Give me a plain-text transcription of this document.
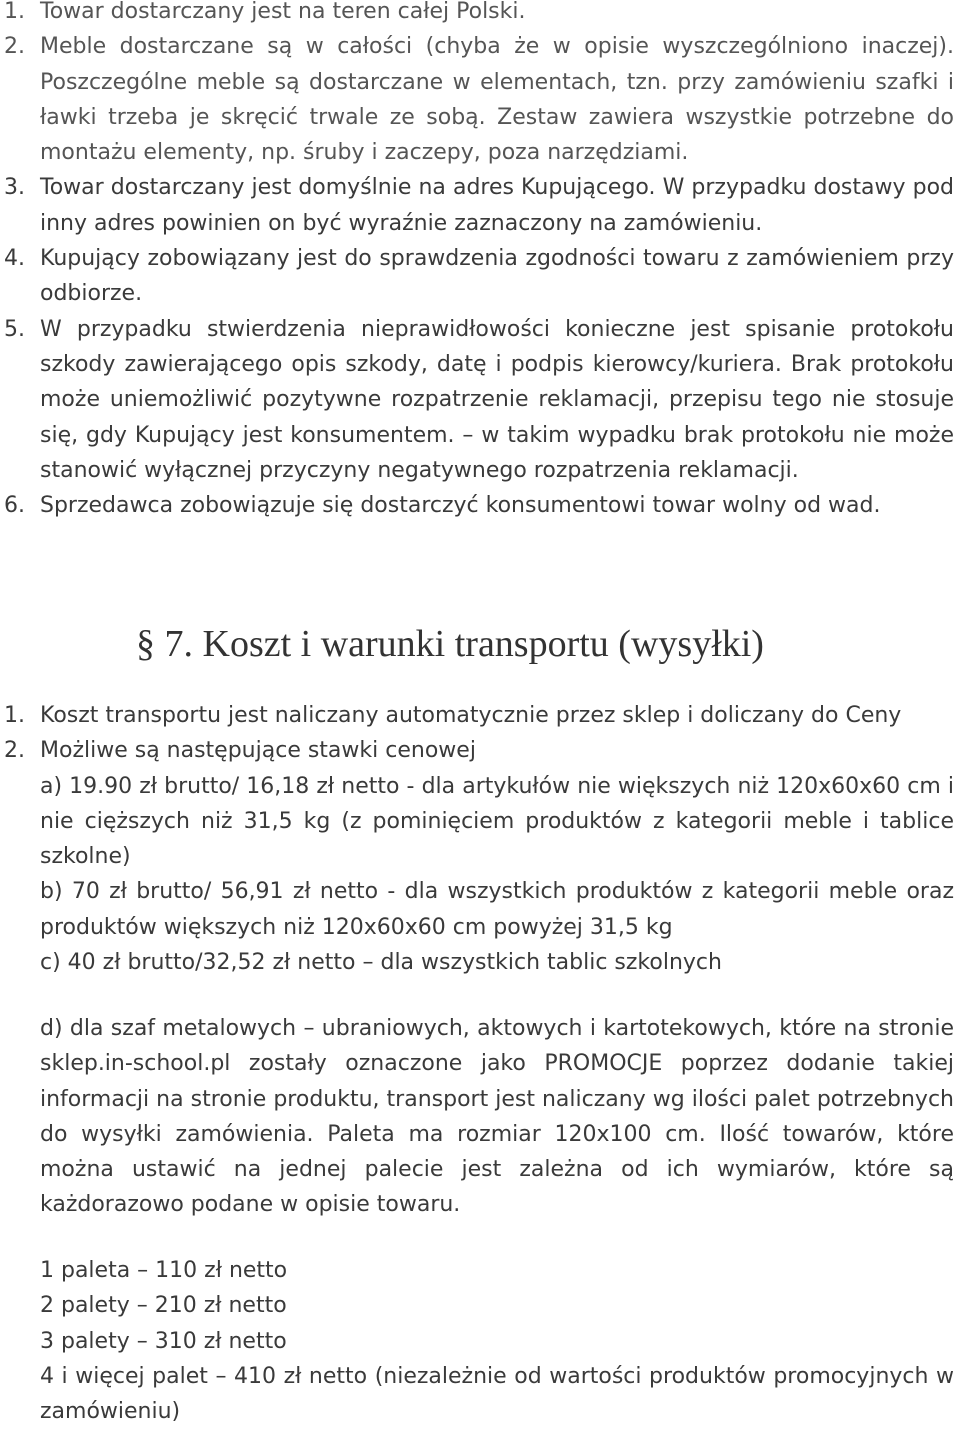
1. Towar dostarczany jest na teren całej Polski.
2. Meble dostarczane są w całości (chyba że w opisie wyszczególniono inaczej). Poszczególne meble są dostarczane w elementach, tzn. przy zamówieniu szafki i ławki trzeba je skręcić trwale ze sobą. Zestaw zawiera wszystkie potrzebne do montażu elementy, np. śruby i zaczepy, poza narzędziami.
3. Towar dostarczany jest domyślnie na adres Kupującego. W przypadku dostawy pod inny adres powinien on być wyraźnie zaznaczony na zamówieniu.
4. Kupujący zobowiązany jest do sprawdzenia zgodności towaru z zamówieniem przy odbiorze.
5. W przypadku stwierdzenia nieprawidłowości konieczne jest spisanie protokołu szkody zawierającego opis szkody, datę i podpis kierowcy/kuriera. Brak protokołu może uniemożliwić pozytywne rozpatrzenie reklamacji, przepisu tego nie stosuje się, gdy Kupujący jest konsumentem. – w takim wypadku brak protokołu nie może stanowić wyłącznej przyczyny negatywnego rozpatrzenia reklamacji.
6. Sprzedawca zobowiązuje się dostarczyć konsumentowi towar wolny od wad.
§ 7. Koszt i warunki transportu (wysyłki)
1. Koszt transportu jest naliczany automatycznie przez sklep i doliczany do Ceny
2. Możliwe są następujące stawki cenowej
a) 19.90 zł brutto/ 16,18 zł netto - dla artykułów nie większych niż 120x60x60 cm i nie cięższych niż 31,5 kg (z pominięciem produktów z kategorii meble i tablice szkolne)
b) 70 zł brutto/ 56,91 zł netto - dla wszystkich produktów z kategorii meble oraz produktów większych niż 120x60x60 cm powyżej 31,5 kg
c) 40 zł brutto/32,52 zł netto – dla wszystkich tablic szkolnych
d) dla szaf metalowych – ubraniowych, aktowych i kartotekowych, które na stronie sklep.in-school.pl zostały oznaczone jako PROMOCJE poprzez dodanie takiej informacji na stronie produktu, transport jest naliczany wg ilości palet potrzebnych do wysyłki zamówienia. Paleta ma rozmiar 120x100 cm. Ilość towarów, które można ustawić na jednej palecie jest zależna od ich wymiarów, które są każdorazowo podane w opisie towaru.
1 paleta – 110 zł netto
2 palety – 210 zł netto
3 palety – 310 zł netto
4 i więcej palet – 410 zł netto (niezależnie od wartości produktów promocyjnych w zamówieniu)
